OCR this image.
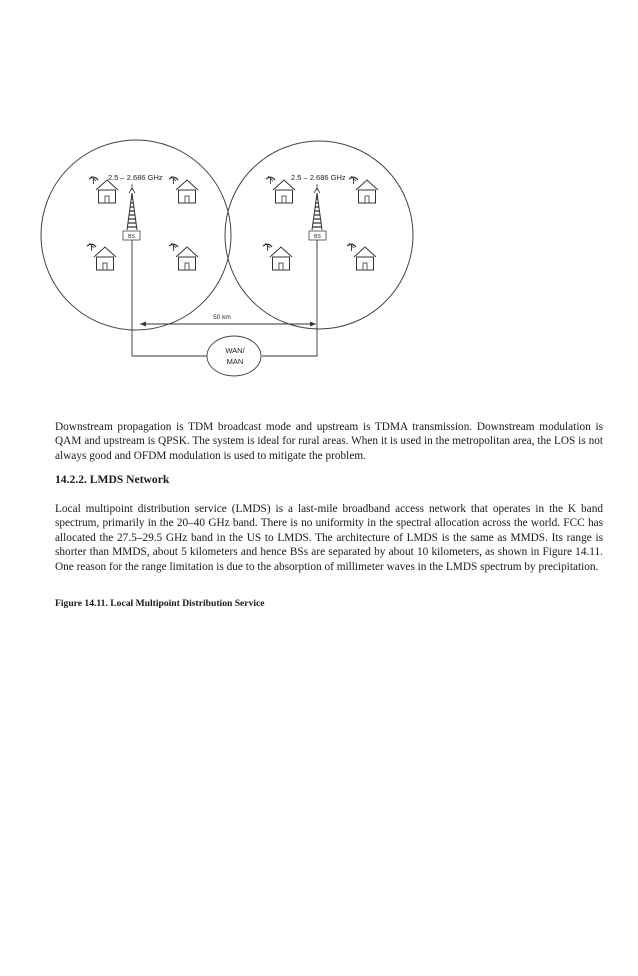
BS	BS
2.5 – 2.686 GHz	2.5 – 2.686 GHz
50 km
WAN/
MAN

Downstream propagation is TDM broadcast mode and upstream is TDMA transmission. Downstream modulation is QAM and upstream is QPSK. The system is ideal for rural areas. When it is used in the metropolitan area, the LOS is not always good and OFDM modulation is used to mitigate the problem.

14.2.2. LMDS Network

Local multipoint distribution service (LMDS) is a last-mile broadband access network that operates in the K band spectrum, primarily in the 20–40 GHz band. There is no uniformity in the spectral allocation across the world. FCC has allocated the 27.5–29.5 GHz band in the US to LMDS. The architecture of LMDS is the same as MMDS. Its range is shorter than MMDS, about 5 kilometers and hence BSs are separated by about 10 kilometers, as shown in Figure 14.11. One reason for the range limitation is due to the absorption of millimeter waves in the LMDS spectrum by precipitation.

Figure 14.11. Local Multipoint Distribution Service
